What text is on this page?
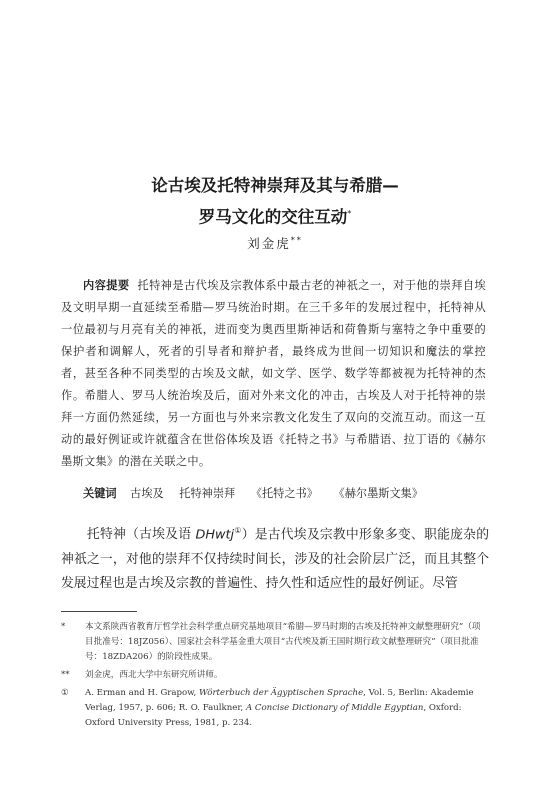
论古埃及托特神崇拜及其与希腊—
罗马文化的交往互动*
刘金虎**
内容提要 托特神是古代埃及宗教体系中最古老的神祇之一，对于他的崇拜自埃及文明早期一直延续至希腊—罗马统治时期。在三千多年的发展过程中，托特神从一位最初与月亮有关的神祇，进而变为奥西里斯神话和荷鲁斯与塞特之争中重要的保护者和调解人，死者的引导者和辩护者，最终成为世间一切知识和魔法的掌控者，甚至各种不同类型的古埃及文献，如文学、医学、数学等都被视为托特神的杰作。希腊人、罗马人统治埃及后，面对外来文化的冲击，古埃及人对于托特神的崇拜一方面仍然延续，另一方面也与外来宗教文化发生了双向的交流互动。而这一互动的最好例证或许就蕴含在世俗体埃及语《托特之书》与希腊语、拉丁语的《赫尔墨斯文集》的潜在关联之中。
关键词 古埃及 托特神崇拜 《托特之书》 《赫尔墨斯文集》
托特神（古埃及语 DHwtj①）是古代埃及宗教中形象多变、职能庞杂的神祇之一，对他的崇拜不仅持续时间长，涉及的社会阶层广泛，而且其整个发展过程也是古埃及宗教的普遍性、持久性和适应性的最好例证。尽管
*	本文系陕西省教育厅哲学社会科学重点研究基地项目“希腊—罗马时期的古埃及托特神文献整理研究”（项目批准号：18JZ056）、国家社会科学基金重大项目“古代埃及新王国时期行政文献整理研究”（项目批准号：18ZDA206）的阶段性成果。
**	刘金虎，西北大学中东研究所讲师。
①	A. Erman and H. Grapow, Wörterbuch der Ägyptischen Sprache, Vol. 5, Berlin: Akademie Verlag, 1957, p. 606; R. O. Faulkner, A Concise Dictionary of Middle Egyptian, Oxford: Oxford University Press, 1981, p. 234.
